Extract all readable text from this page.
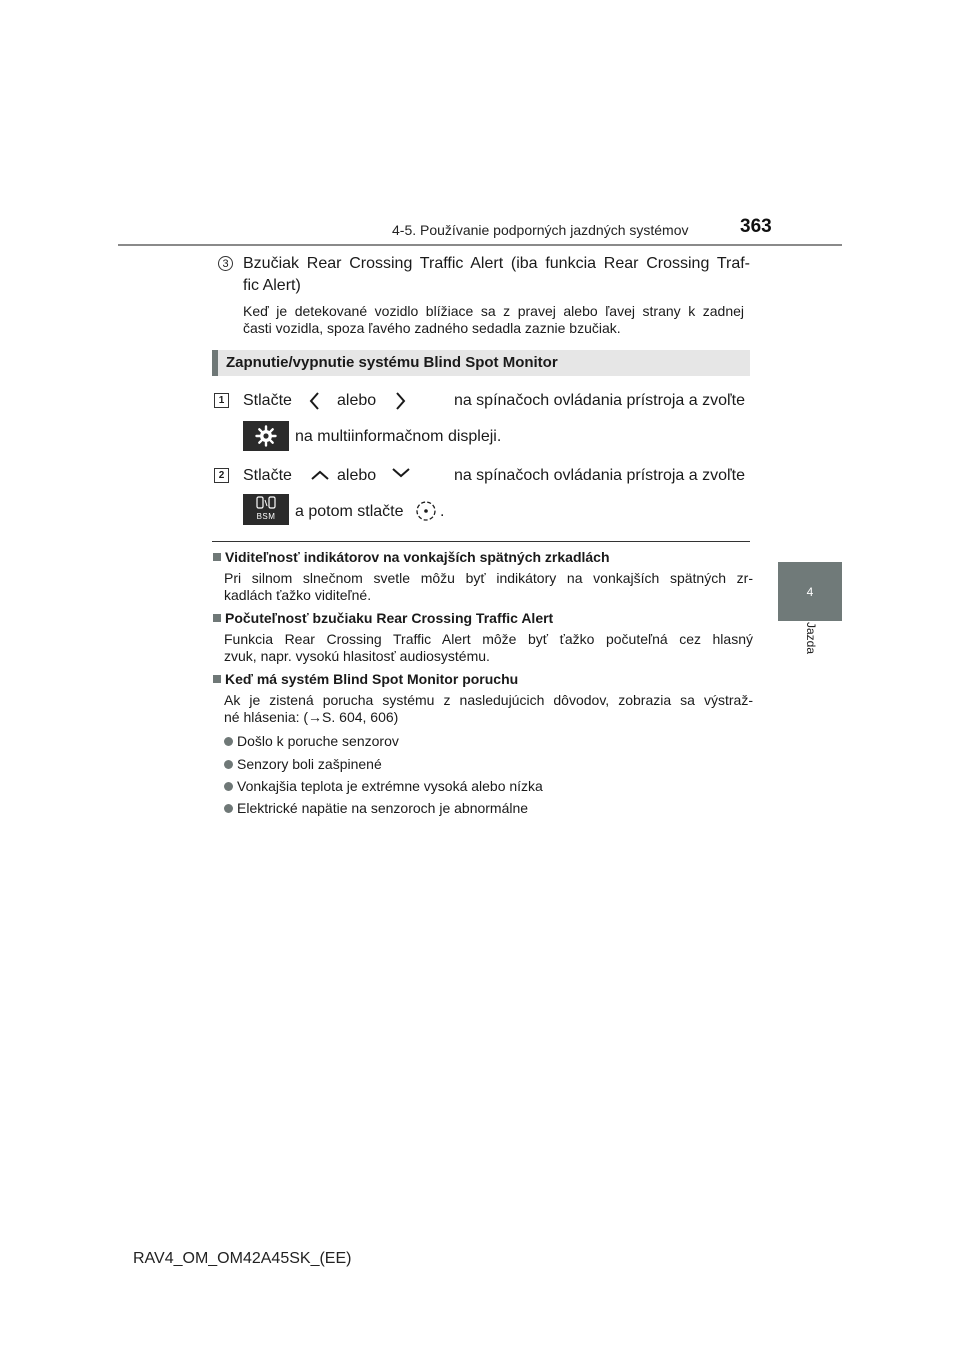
4-5. Používanie podporných jazdných systémov	363
4
Jazda
3 Bzučiak Rear Crossing Traffic Alert (iba funkcia Rear Crossing Traf-
fic Alert)
Keď je detekované vozidlo blížiace sa z pravej alebo ľavej strany k zadnej
časti vozidla, spoza ľavého zadného sedadla zaznie bzučiak.
Zapnutie/vypnutie systému Blind Spot Monitor
1 Stlačte	alebo	na spínačoch ovládania prístroja a zvoľte
na multiinformačnom displeji.
2 Stlačte	alebo	na spínačoch ovládania prístroja a zvoľte
BSM	a potom stlačte .
Viditeľnosť indikátorov na vonkajších spätných zrkadlách
Pri silnom slnečnom svetle môžu byť indikátory na vonkajších spätných zr-
kadlách ťažko viditeľné.
Počuteľnosť bzučiaku Rear Crossing Traffic Alert
Funkcia Rear Crossing Traffic Alert môže byť ťažko počuteľná cez hlasný
zvuk, napr. vysokú hlasitosť audiosystému.
Keď má systém Blind Spot Monitor poruchu
Ak je zistená porucha systému z nasledujúcich dôvodov, zobrazia sa výstraž-
né hlásenia: (→S. 604, 606)
Došlo k poruche senzorov
Senzory boli zašpinené
Vonkajšia teplota je extrémne vysoká alebo nízka
Elektrické napätie na senzoroch je abnormálne
RAV4_OM_OM42A45SK_(EE)
